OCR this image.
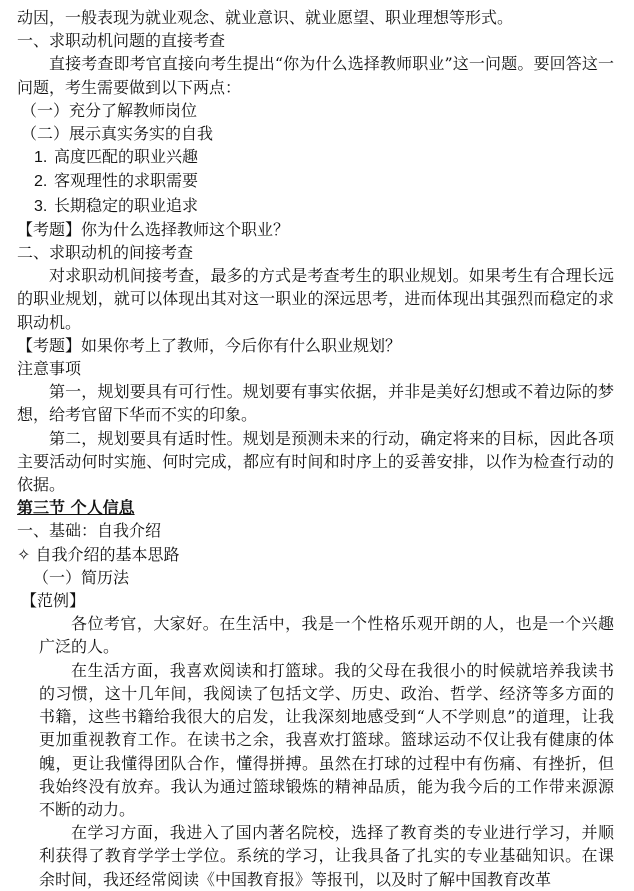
动因，一般表现为就业观念、就业意识、就业愿望、职业理想等形式。

一、求职动机问题的直接考查

直接考查即考官直接向考生提出“你为什么选择教师职业”这一问题。要回答这一问题，考生需要做到以下两点：

（一）充分了解教师岗位

（二）展示真实务实的自我

1. 高度匹配的职业兴趣

2. 客观理性的求职需要

3. 长期稳定的职业追求

【考题】你为什么选择教师这个职业？

二、求职动机的间接考查

对求职动机间接考查，最多的方式是考查考生的职业规划。如果考生有合理长远的职业规划，就可以体现出其对这一职业的深远思考，进而体现出其强烈而稳定的求职动机。

【考题】如果你考上了教师，今后你有什么职业规划？

注意事项

第一，规划要具有可行性。规划要有事实依据，并非是美好幻想或不着边际的梦想，给考官留下华而不实的印象。

第二，规划要具有适时性。规划是预测未来的行动，确定将来的目标，因此各项主要活动何时实施、何时完成，都应有时间和时序上的妥善安排，以作为检查行动的依据。

第三节 个人信息

一、基础：自我介绍

✧ 自我介绍的基本思路

（一）简历法

【范例】

各位考官，大家好。在生活中，我是一个性格乐观开朗的人，也是一个兴趣广泛的人。

在生活方面，我喜欢阅读和打篮球。我的父母在我很小的时候就培养我读书的习惯，这十几年间，我阅读了包括文学、历史、政治、哲学、经济等多方面的书籍，这些书籍给我很大的启发，让我深刻地感受到“人不学则息”的道理，让我更加重视教育工作。在读书之余，我喜欢打篮球。篮球运动不仅让我有健康的体魄，更让我懂得团队合作，懂得拼搏。虽然在打球的过程中有伤痛、有挫折，但我始终没有放弃。我认为通过篮球锻炼的精神品质，能为我今后的工作带来源源不断的动力。

在学习方面，我进入了国内著名院校，选择了教育类的专业进行学习，并顺利获得了教育学学士学位。系统的学习，让我具备了扎实的专业基础知识。在课余时间，我还经常阅读《中国教育报》等报刊，以及时了解中国教育改革
